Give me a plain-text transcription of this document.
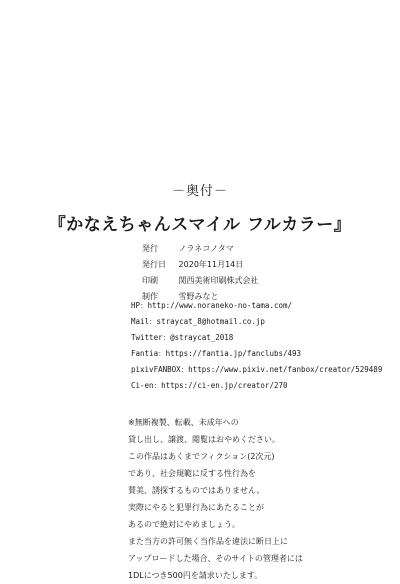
－奥付－
『かなえちゃんスマイル フルカラー』
発行	ノラネコノタマ
発行日 2020年11月14日
印刷	関西美術印刷株式会社
制作	雪野みなと
HP：http://www.noraneko-no-tama.com/
Mail：straycat_8@hotmail.co.jp
Twitter：@straycat_2018
Fantia：https://fantia.jp/fanclubs/493
pixivFANBOX：https://www.pixiv.net/fanbox/creator/529489
Ci-en：https://ci-en.jp/creator/270
※無断複製、転載、未成年への
貸し出し、譲渡、閲覧はおやめください。
この作品はあくまでフィクション(2次元)
であり、社会規範に反する性行為を
賛美、誘探するものではありません。
実際にやると犯罪行為にあたることが
あるので絶対にやめましょう。
また当方の許可無く当作品を違法に断日上に
アップロードした場合、そのサイトの管理者には
1DLにつき500円を請求いたします。
